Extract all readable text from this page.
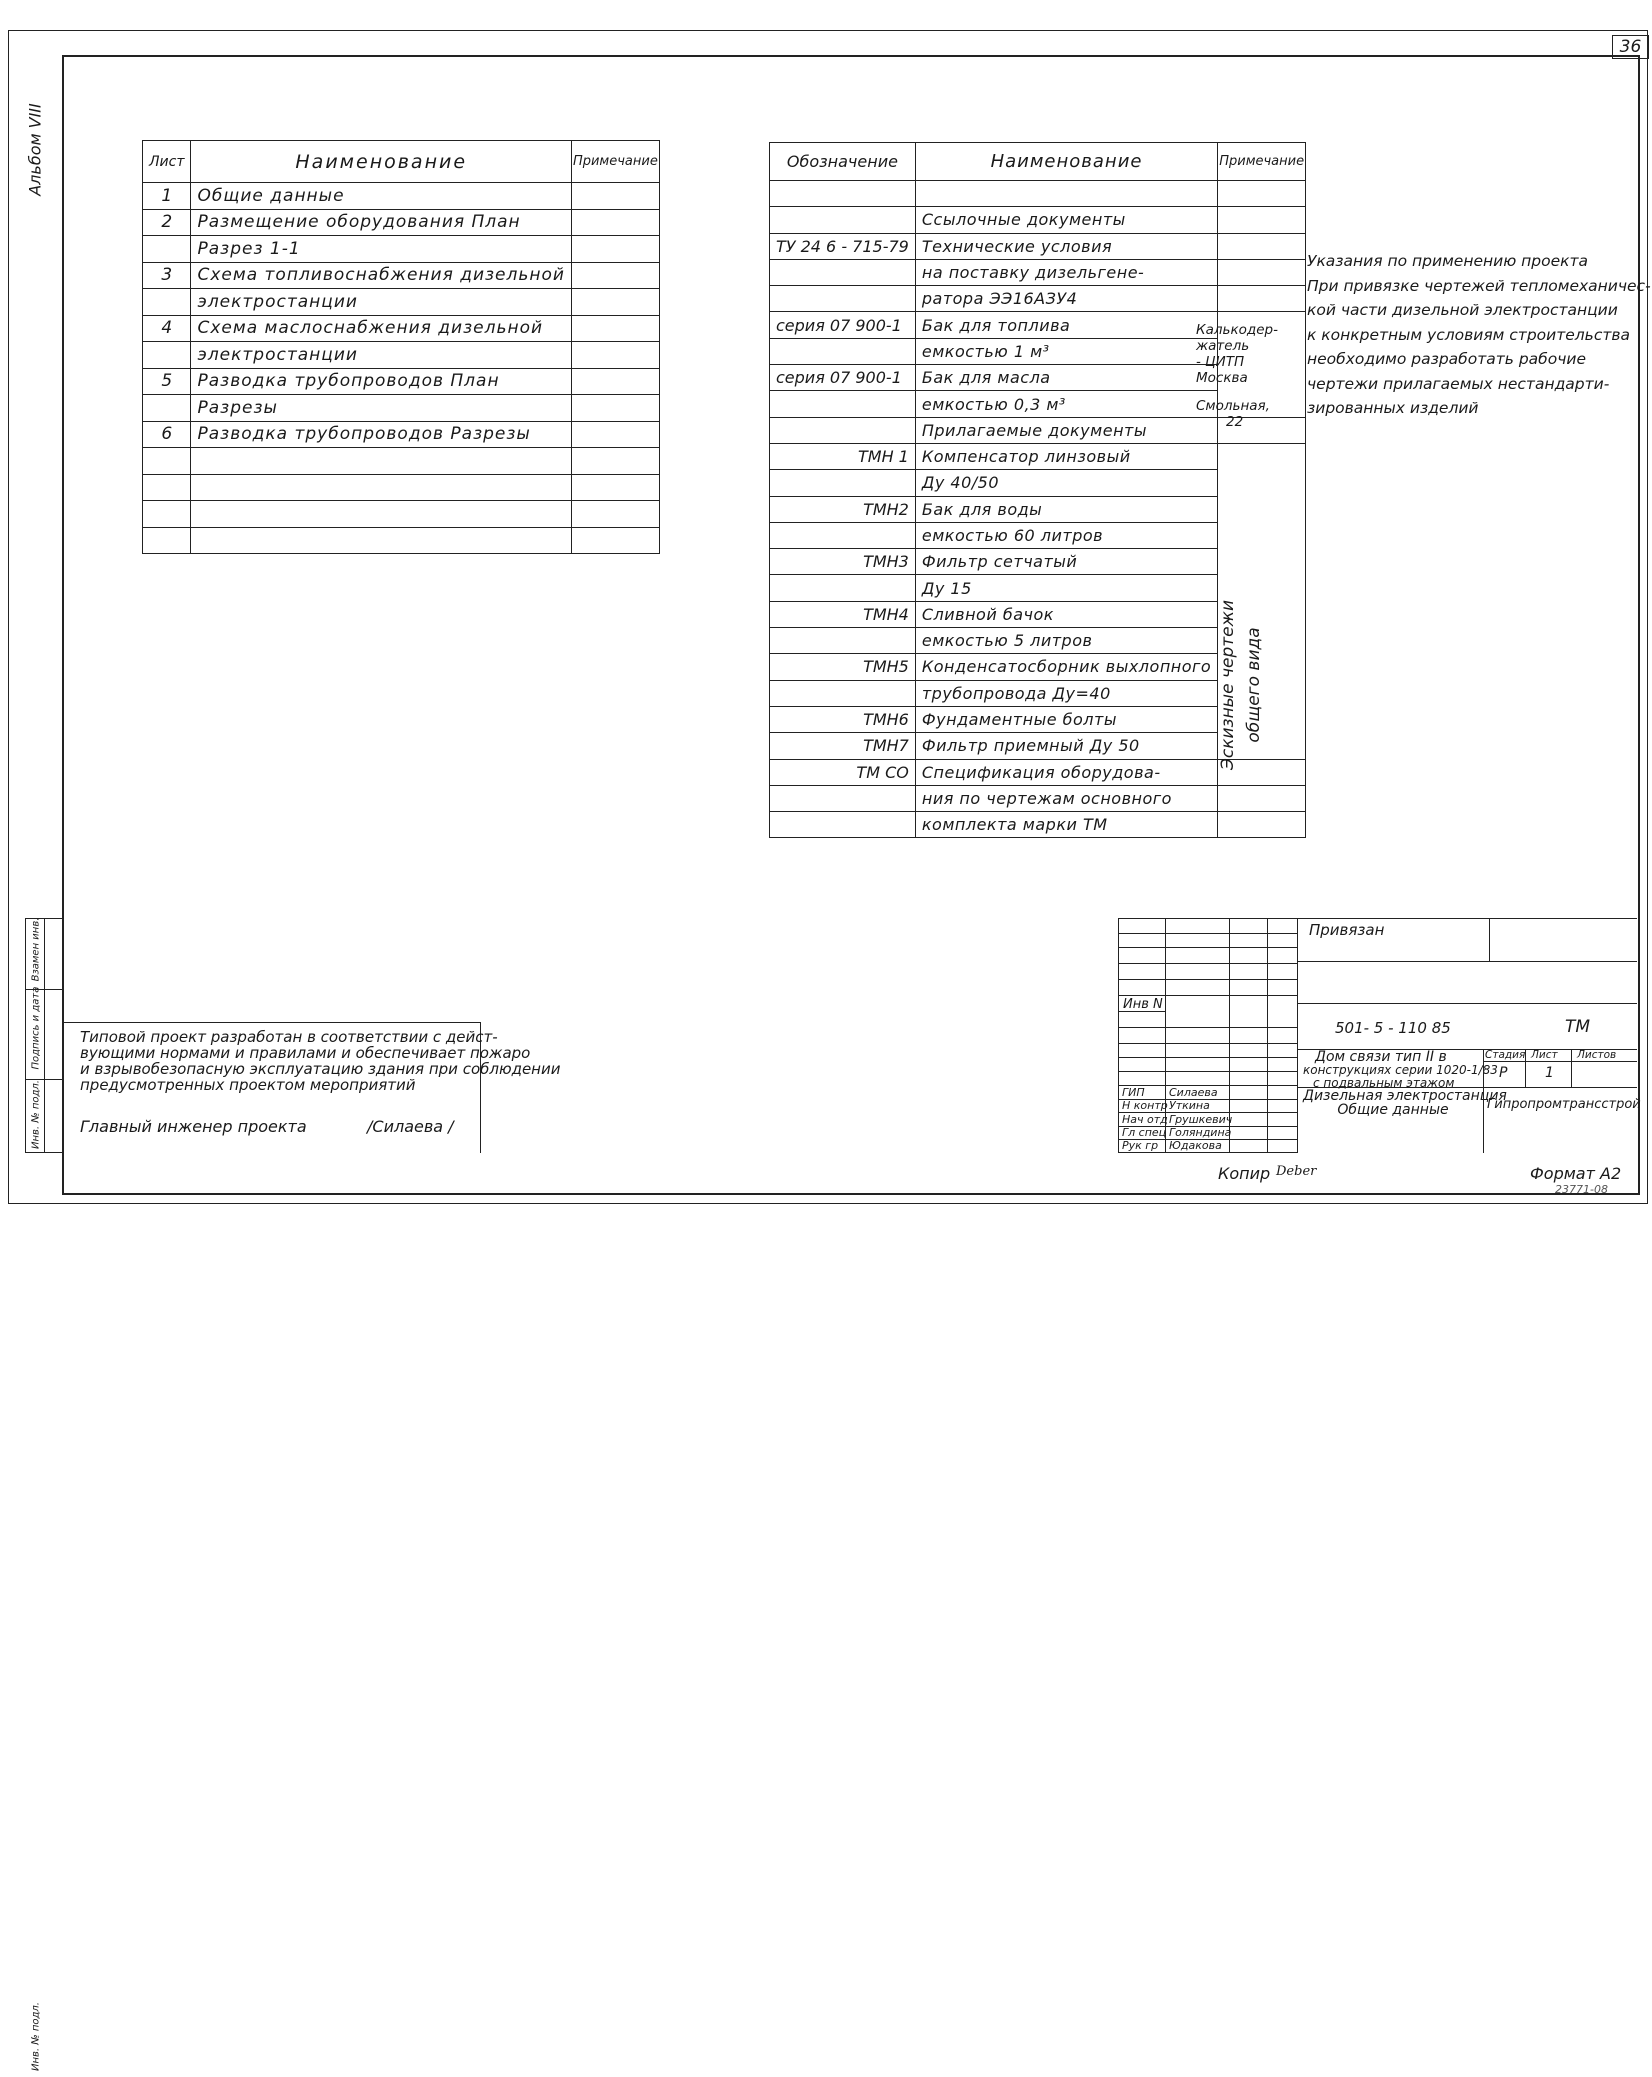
36
Альбом VIII
Инв. № подл.
Инв. № подл.
Подпись и дата
Взамен инв.
Лист	Наименование	Примечание
1	Общие данные	
2	Размещение оборудования План	
	Разрез 1-1	
3	Схема топливоснабжения дизельной	
	электростанции	
4	Схема маслоснабжения дизельной	
	электростанции	
5	Разводка трубопроводов План	
	Разрезы	
6	Разводка трубопроводов Разрезы	

Обозначение	Наименование	Примечание

	Ссылочные документы	
ТУ 24 6 - 715-79	Технические условия	
	на поставку дизельгене-	
	ратора ЭЭ16АЗУ4	
серия 07 900-1	Бак для топлива	
	емкостью 1 м³	
серия 07 900-1	Бак для масла	
	емкостью 0,3 м³	
	Прилагаемые документы	
ТМН 1	Компенсатор линзовый	
	Ду 40/50	
ТМН2	Бак для воды	
	емкостью 60 литров	
ТМН3	Фильтр сетчатый	
	Ду 15	
ТМН4	Сливной бачок	
	емкостью 5 литров	
ТМН5	Конденсатосборник выхлопного	
	трубопровода Ду=40	
ТМН6	Фундаментные болты	
ТМН7	Фильтр приемный Ду 50	
ТМ СО	Спецификация оборудова-	
	ния по чертежам основного	
	комплекта марки ТМ	
Калькодер-
жатель
- ЦИТП
Москва
Смольная,
22
Эскизные чертежи общего вида
Указания по применению проекта
При привязке чертежей тепломеханичес-
кой части дизельной электростанции
к конкретным условиям строительства
необходимо разработать рабочие
чертежи прилагаемых нестандарти-
зированных изделий
Типовой проект разработан в соответствии с дейст-
вующими нормами и правилами и обеспечивает пожаро
и взрывобезопасную эксплуатацию здания при соблюдении
предусмотренных проектом мероприятий
Главный инженер проекта	/Силаева /
Инв N
ГИП Силаева
Н контр Уткина
Нач отд Грушкевич
Гл спец Голяндина
Рук гр Юдакова
Привязан
501- 5 - 110 85	ТМ
Дом связи тип II в
конструкциях серии 1020-1/83
с подвальным этажом
Стадия Лист Листов
Р	1
Дизельная электростанция
Общие данные	Гипропромтрансстрой
Копир Deber	Формат А2
23771-08
